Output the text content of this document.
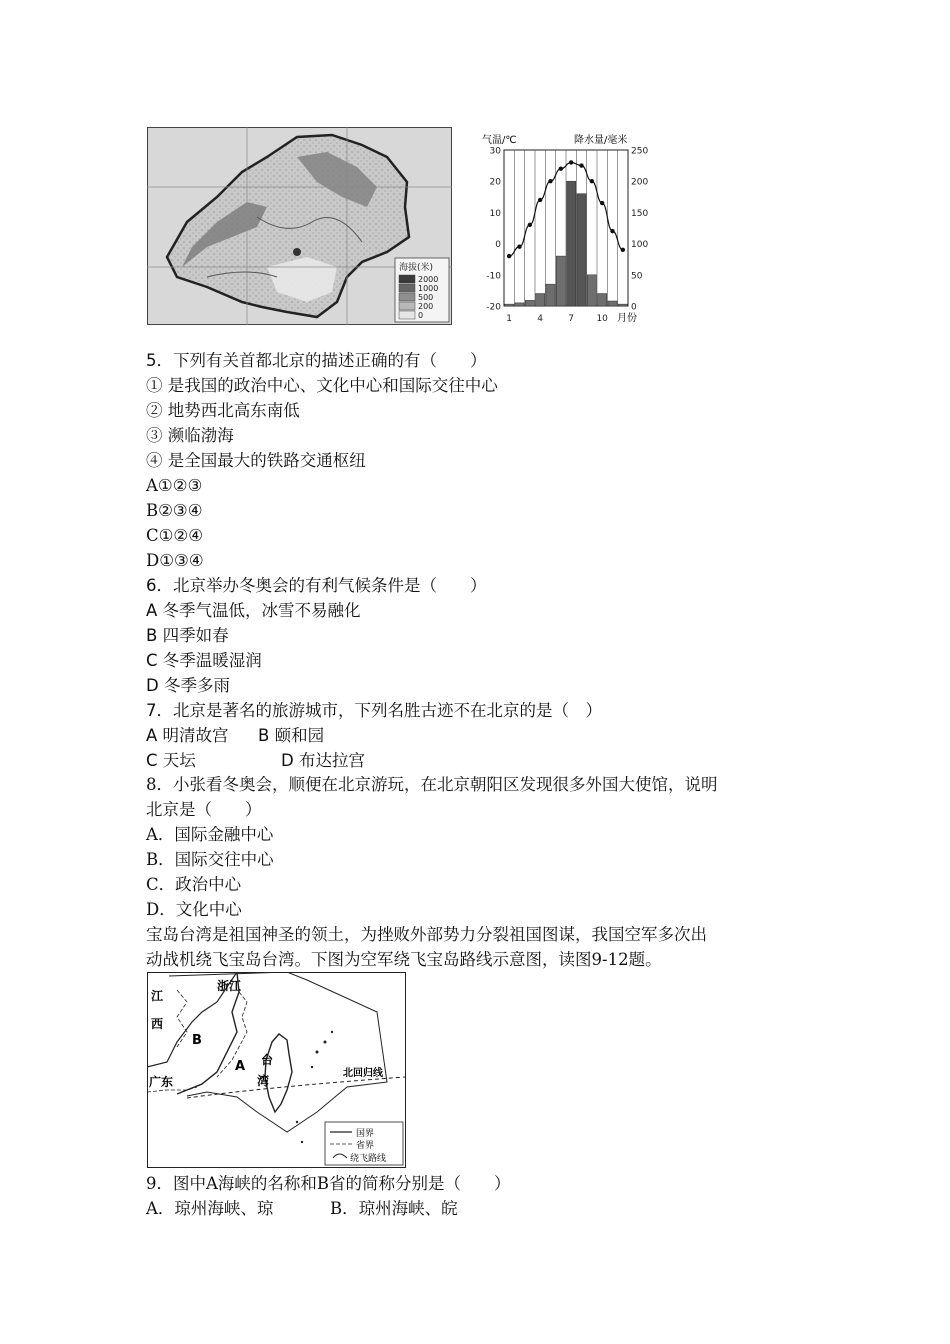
海拔(米)
2000
1000
500
200
0
气温/℃	降水量/毫米
月份
30
20
10
0
-10
-20
250
200
150
100
50
0
1	4	7 10
5．下列有关首都北京的描述正确的有（　　）
① 是我国的政治中心、文化中心和国际交往中心
② 地势西北高东南低
③ 濒临渤海
④ 是全国最大的铁路交通枢纽
A①②③
B②③④
C①②④
D①③④
6．北京举办冬奥会的有利气候条件是（　　）
A 冬季气温低，冰雪不易融化
B 四季如春
C 冬季温暖湿润
D 冬季多雨
7．北京是著名的旅游城市，下列名胜古迹不在北京的是（　）
A 明清故宫 B 颐和园
C 天坛	D 布达拉宫
8．小张看冬奥会，顺便在北京游玩，在北京朝阳区发现很多外国大使馆，说明
北京是（　　）
A．国际金融中心
B．国际交往中心
C．政治中心
D．文化中心
宝岛台湾是祖国神圣的领土，为挫败外部势力分裂祖国图谋，我国空军多次出
动战机绕飞宝岛台湾。下图为空军绕飞宝岛路线示意图，读图9-12题。
浙江
江
西
B
A 台
湾
广东
北回归线
国界
省界
绕飞路线
9．图中A海峡的名称和B省的简称分别是（　　）
A．琼州海峡、琼	B．琼州海峡、皖
